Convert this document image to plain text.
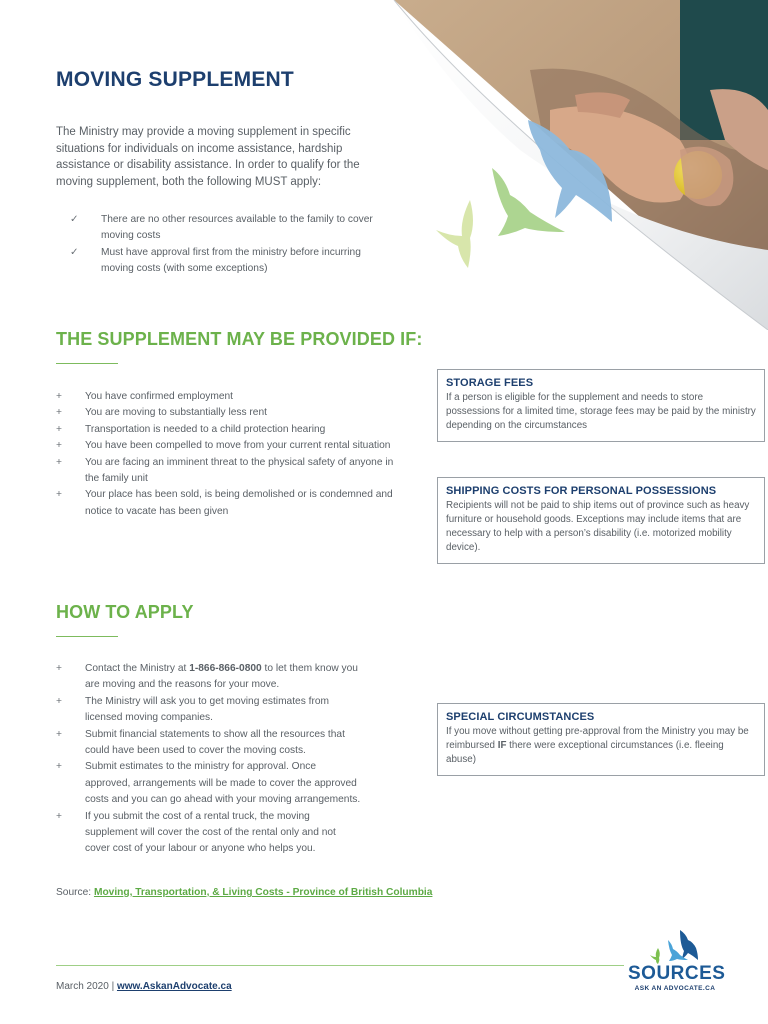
MOVING SUPPLEMENT

The Ministry may provide a moving supplement in specific situations for individuals on income assistance, hardship assistance or disability assistance. In order to qualify for the moving supplement, both the following MUST apply:

✓ There are no other resources available to the family to cover moving costs
✓ Must have approval first from the ministry before incurring moving costs (with some exceptions)
THE SUPPLEMENT MAY BE PROVIDED IF:
+ You have confirmed employment
+ You are moving to substantially less rent
+ Transportation is needed to a child protection hearing
+ You have been compelled to move from your current rental situation
+ You are facing an imminent threat to the physical safety of anyone in the family unit
+ Your place has been sold, is being demolished or is condemned and notice to vacate has been given
STORAGE FEES

If a person is eligible for the supplement and needs to store possessions for a limited time, storage fees may be paid by the ministry depending on the circumstances

SHIPPING COSTS FOR PERSONAL POSSESSIONS

Recipients will not be paid to ship items out of province such as heavy furniture or household goods. Exceptions may include items that are necessary to help with a person’s disability (i.e. motorized mobility device).

HOW TO APPLY
+ Contact the Ministry at 1-866-866-0800 to let them know you are moving and the reasons for your move.
+ The Ministry will ask you to get moving estimates from licensed moving companies.
+ Submit financial statements to show all the resources that could have been used to cover the moving costs.
+ Submit estimates to the ministry for approval. Once approved, arrangements will be made to cover the approved costs and you can go ahead with your moving arrangements.
+ If you submit the cost of a rental truck, the moving supplement will cover the cost of the rental only and not cover cost of your labour or anyone who helps you.
SPECIAL CIRCUMSTANCES

If you move without getting pre-approval from the Ministry you may be reimbursed IF there were exceptional circumstances (i.e. fleeing abuse)

Source: Moving, Transportation, & Living Costs - Province of British Columbia
March 2020 | www.AskanAdvocate.ca
SOURCES
ASK AN ADVOCATE.CA
